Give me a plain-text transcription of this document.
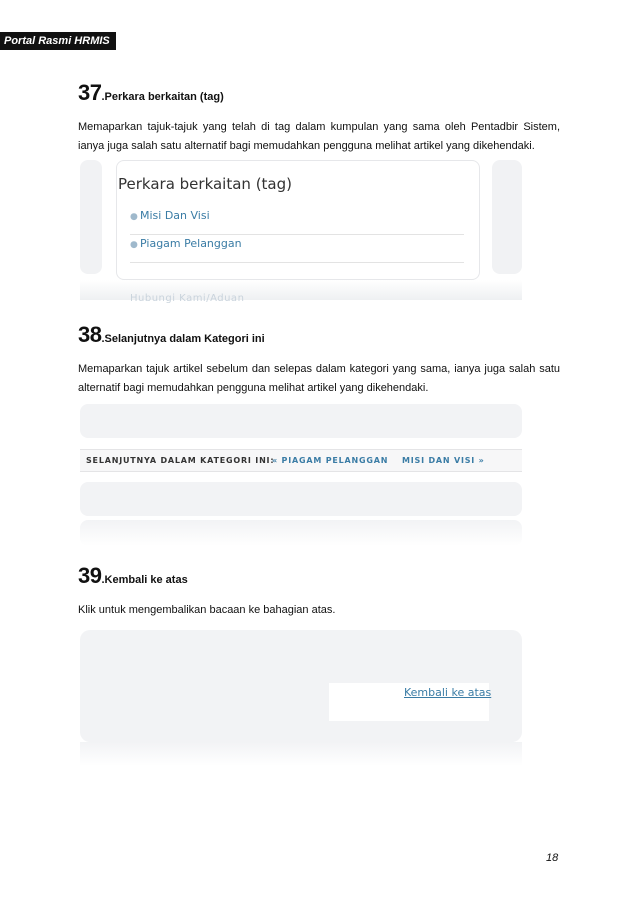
Portal Rasmi HRMIS
37.Perkara berkaitan (tag)

Memaparkan tajuk-tajuk yang telah di tag dalam kumpulan yang sama oleh Pentadbir Sistem, ianya juga salah satu alternatif bagi memudahkan pengguna melihat artikel yang dikehendaki.

Perkara berkaitan (tag)
● Misi Dan Visi
● Piagam Pelanggan
Hubungi Kami/Aduan
38.Selanjutnya dalam Kategori ini

Memaparkan tajuk artikel sebelum dan selepas dalam kategori yang sama, ianya juga salah satu alternatif bagi memudahkan pengguna melihat artikel yang dikehendaki.

SELANJUTNYA DALAM KATEGORI INI:
« PIAGAM PELANGGAN MISI DAN VISI »
39.Kembali ke atas

Klik untuk mengembalikan bacaan ke bahagian atas.

Kembali ke atas
18
